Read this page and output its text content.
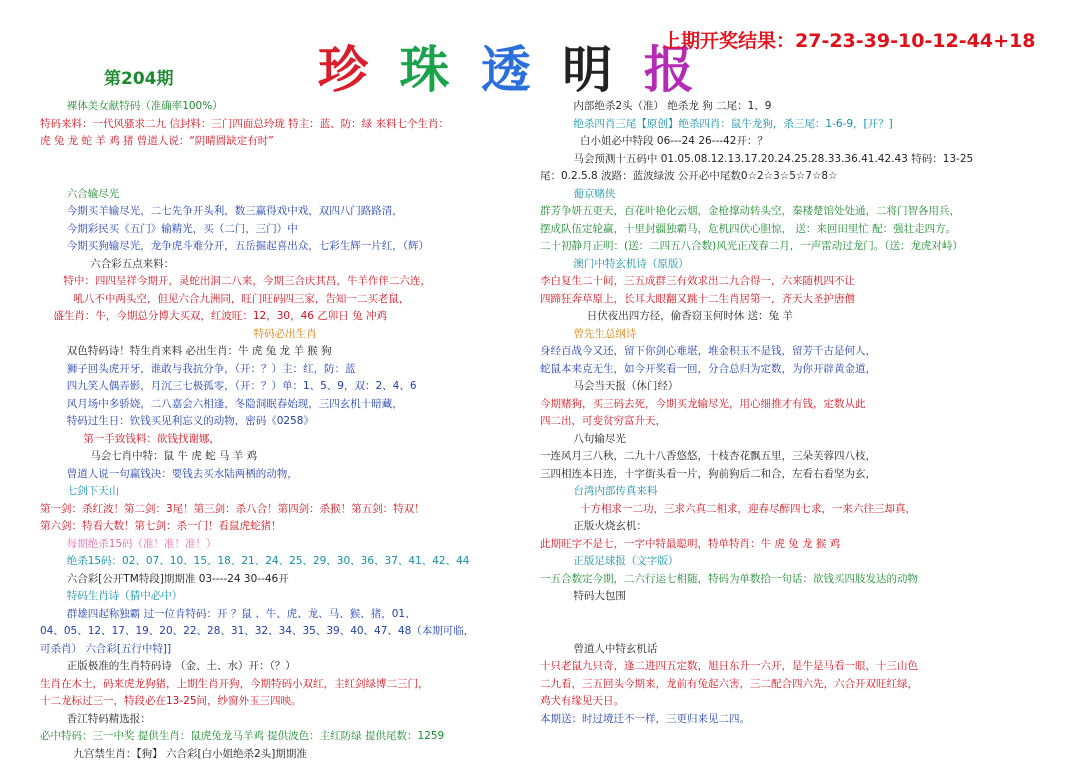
珍 珠 透 明 报
上期开奖结果：27-23-39-10-12-44+18
第204期
裸体美女献特码（准确率100%）
特码来料：一代风骚求二九 信封料：三门四面总玲珑 特主：蓝、防：绿 来料七个生肖：
虎 兔 龙 蛇 羊 鸡 猪 曾道人说：“阴晴圆缺定有时”
六合输尽光
今期买羊输尽光，二七先争开头利，数三赢得戏中戏，双四八门路路清，
今期彩民买《五门》输精光，买（二门，三门）中
今期买狗输尽光，龙争虎斗难分开，五岳掘起喜出众，七彩生辉一片红，（辉）
六合彩五点来料：
特中：四四呈祥今期开，灵蛇出洞二八来，今期三合庆其昌，牛羊作伴二六连，
吼八不中两头空，但见六合九洲同，旺门旺码四三家，告知一二买老鼠，
盛生肖：牛，今期总分博大买双，红波旺：12，30，46 乙卯日 兔 冲鸡
特码必出生肖
双色特码诗！特生肖来料 必出生肖：牛 虎 兔 龙 羊 猴 狗
狮子回头虎开牙，谁敢与我抗分争，（开：？）主：红，防：蓝
四九笑人偶弄影，月沉三七极孤零，（开：？）单：1、5、9，双：2、4、6
风月场中多骄娆，二八嘉会六相逢，冬隐洞眠春始现，三四玄机十暗藏，
特码过生日：钦钱买见利忘义的动物，密码《0258》
第一手致钱料：欲钱找谢娜，
马会七肖中特：鼠 牛 虎 蛇 马 羊 鸡
曾道人说一句赢钱决：要钱去买水陆两栖的动物，
七剑下天山
第一剑：杀红波！第二剑：3尾！第三剑：杀八合！第四剑：杀猴！第五剑：特双！
第六剑：特看大数！第七剑：杀一门！看鼠虎蛇猪！
每期绝杀15码（准！准！准！）
绝杀15码：02、07、10、15、18、21、24、25、29、30、36、37、41、42、44
六合彩[公开TM特段]期期准 03----24 30--46开
特码生肖诗（猜中必中）
群雄四起称独霸 过一位肯特码：开 ？鼠 、牛、虎、龙、马、猴、猪，01、
04、05、12、17、19、20、22、28、31、32、34、35、39、40、47、48（本期可临，
可杀肖） 六合彩[五行中特]]
正版极准的生肖特码诗 （金、土、水）开：（？）
生肖在木土，码来虎龙狗猪，上期生肖开狗，今期特码小双红，主红剑绿博二三门，
十二龙标过三一，特段必在13-25间，纱窗外玉三四映。
香江特码精选报：
必中特码：三一中奖 提供生肖：鼠虎兔龙马羊鸡 提供波色：主红防绿 提供尾数：1259
九宫禁生肖：【狗】 六合彩[白小姐绝杀2头]期期准
内部绝杀2头（准） 绝杀龙 狗 二尾：1、9
绝杀四肖三尾【原创】绝杀四肖：鼠牛龙狗，杀三尾：1-6-9，[开？]
白小姐必中特段 06---24 26---42开：？
马会预测十五码中 01.05.08.12.13.17.20.24.25.28.33.36.41.42.43 特码：13-25
尾：0.2.5.8 波路：蓝波绿波 公开必中尾数0☆2☆3☆5☆7☆8☆
葡京赌侠
群芳争妍五更天，百花叶艳化云烟，金枪撑动转头空，秦楼楚馆处处通，二将门智各用兵，
摆成队伍定轮赢，十里封疆独霸马，危机四伏心胆惊， 送：来回田里忙 配：强壮走四方。
二十初静月正明：(送：二四五八合数)风光正茂春二月，一声雷动过龙门。（送：龙虎对峙）
澳门中特玄机诗（原版）
李白复生二十间，三五成群三有效求出二九合得一，六来随机四不让
四蹄狂奔草原上，长耳大眼翻又跳十二生肖居第一，齐天大圣护唐僧
日伏夜出四方径，偷香窃玉何时休 送：兔 羊
曾先生总纲诗
身经百战今又还，留下你剑心难堪，堆金积玉不是钱，留芳千古是何人，
蛇鼠本来克无生，如今开奖看一回，分合总归为定数，为你开辟黄金道，
马会当天报（休门经）
今期赌狗，买三码去死，今期买龙输尽光，用心细推才有钱，定数从此
四二出，可变贫穷富升天，
八句输尽光
一连风月三八秋，二九十八香悠悠，十枝杏花飘五里，三朵芙蓉四八枝，
三四相连本日连，十字街头看一片，狗前狗后二和合，左看右看坚为玄，
台湾内部传真来料
十方相求一二功，三求六真二相求，迎春尽醉四七求，一来六往三却真，
正版火烧玄机：
此期旺字不是七，一字中特最聪明，特单特肖：牛 虎 兔 龙 猴 鸡
正版足球报（文字版）
一五合数定今期，二六行运七相随，特码为单数拾一句话：欲钱买四肢发达的动物
特码大包围
曾道人中特玄机话
十只老鼠九只奇，逢二进四五定数，旭日东升一六开，是牛是马看一眼，十三山色
二九看，三五回头今期来，龙前有兔起六害，三二配合四六先，六合开双旺红绿，
鸡犬有缘见天日。
本期送：时过境迁不一样，三更归来见二四。
